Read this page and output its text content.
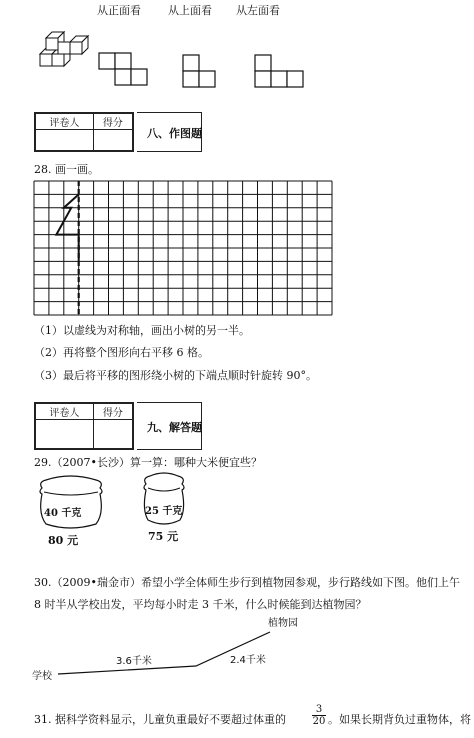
从正面看 从上面看 从左面看
评卷人	得分

八、作图题
28. 画一画。
（1）以虚线为对称轴，画出小树的另一半。
（2）再将整个图形向右平移 6 格。
（3）最后将平移的图形绕小树的下端点顺时针旋转 90°。
评卷人	得分

九、解答题
29.（2007•长沙）算一算：哪种大米便宜些？
40 千克
80 元
25 千克
75 元
30.（2009•瑞金市）希望小学全体师生步行到植物园参观，步行路线如下图。他们上午
8 时半从学校出发，平均每小时走 3 千米，什么时候能到达植物园？
植物园
学校
3.6千米	2.4千米
31. 据科学资料显示，儿童负重最好不要超过体重的	$\frac{3}{20}$ 。如果长期背负过重物体，将
